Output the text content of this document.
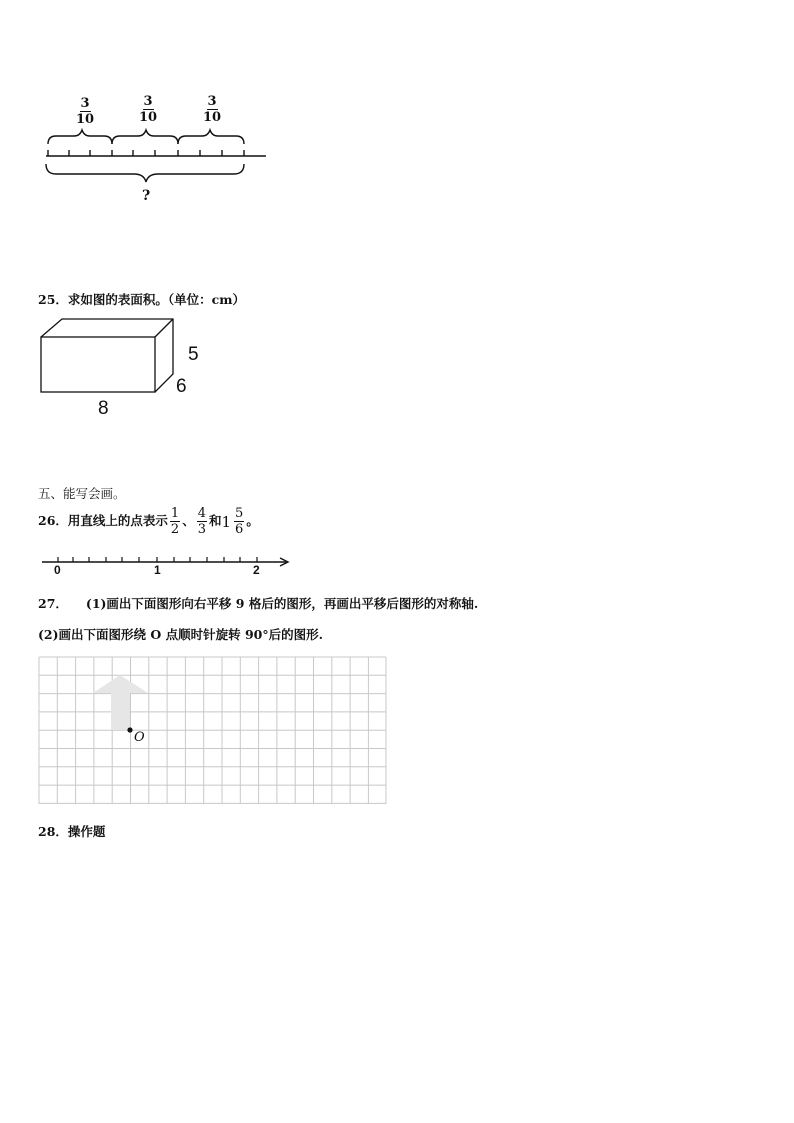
$\frac{3}{10}$	$\frac{3}{10}$	$\frac{3}{10}$
?
25．求如图的表面积。（单位：cm）
8
5
6
五、能写会画。
26．用直线上的点表示 $\frac{1}{2}$ 、 $\frac{4}{3}$ 和 $1 \frac{5}{6}$ 。
0	1	2
27． (1)画出下面图形向右平移 9 格后的图形，再画出平移后图形的对称轴.
(2)画出下面图形绕 O 点顺时针旋转 90°后的图形.
O
28．操作题
